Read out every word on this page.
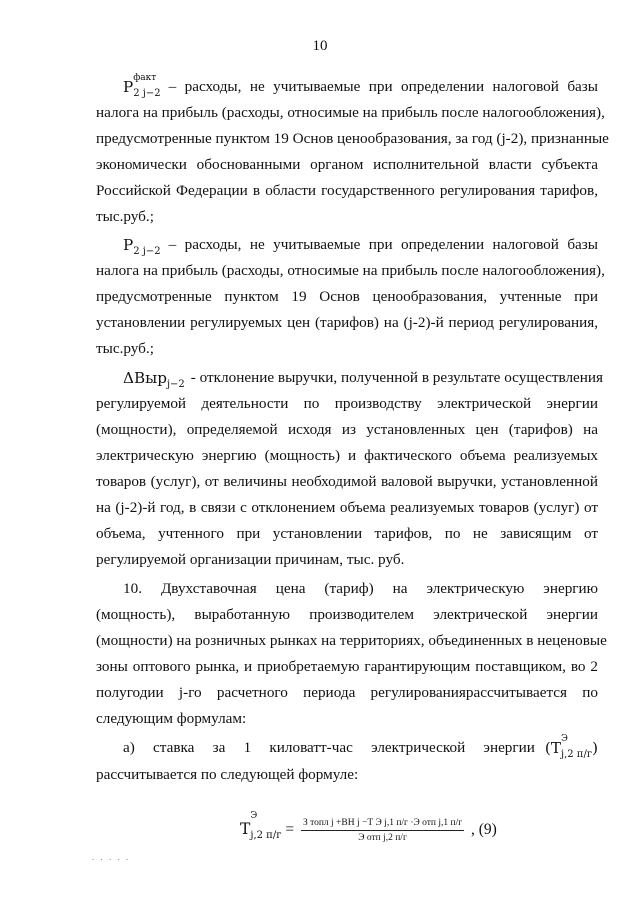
10
Р факт
$_{2 j-2}$ – расходы, не учитываемые при определении налоговой базы
налога на прибыль (расходы, относимые на прибыль после налогообложения),
предусмотренные пунктом 19 Основ ценообразования, за год (j-2), признанные
экономически обоснованными органом исполнительной власти субъекта
Российской Федерации в области государственного регулирования тарифов,
тыс.руб.;
$Р_{2 j-2}$ – расходы, не учитываемые при определении налоговой базы
налога на прибыль (расходы, относимые на прибыль после налогообложения),
предусмотренные пунктом 19 Основ ценообразования, учтенные при
установлении регулируемых цен (тарифов) на (j-2)-й период регулирования,
тыс.руб.;
ΔВыр$_{j-2}$ - отклонение выручки, полученной в результате осуществления
регулируемой деятельности по производству электрической энергии
(мощности), определяемой исходя из установленных цен (тарифов) на
электрическую энергию (мощность) и фактического объема реализуемых
товаров (услуг), от величины необходимой валовой выручки, установленной
на (j-2)-й год, в связи с отклонением объема реализуемых товаров (услуг) от
объема, учтенного при установлении тарифов, по не зависящим от
регулируемой организации причинам, тыс. руб.
10. Двухставочная цена (тариф) на электрическую энергию
(мощность), выработанную производителем электрической энергии
(мощности) на розничных рынках на территориях, объединенных в неценовые
зоны оптового рынка, и приобретаемую гарантирующим поставщиком, во 2
полугодии j-го расчетного периода регулированиярассчитывается по
следующим формулам:
а) ставка за 1 киловатт-час электрической энергии (Т Э
$_{j,2 п/г}$)
рассчитывается по следующей формуле:
Т
Э
$_{j,2 п/г} = \frac{\text{З топл j +ВН j −Т Э j,1 п/г ·Э отп j,1 п/г}}{\text{Э отп j,2 п/г}}$ , (9)
. . . . .
